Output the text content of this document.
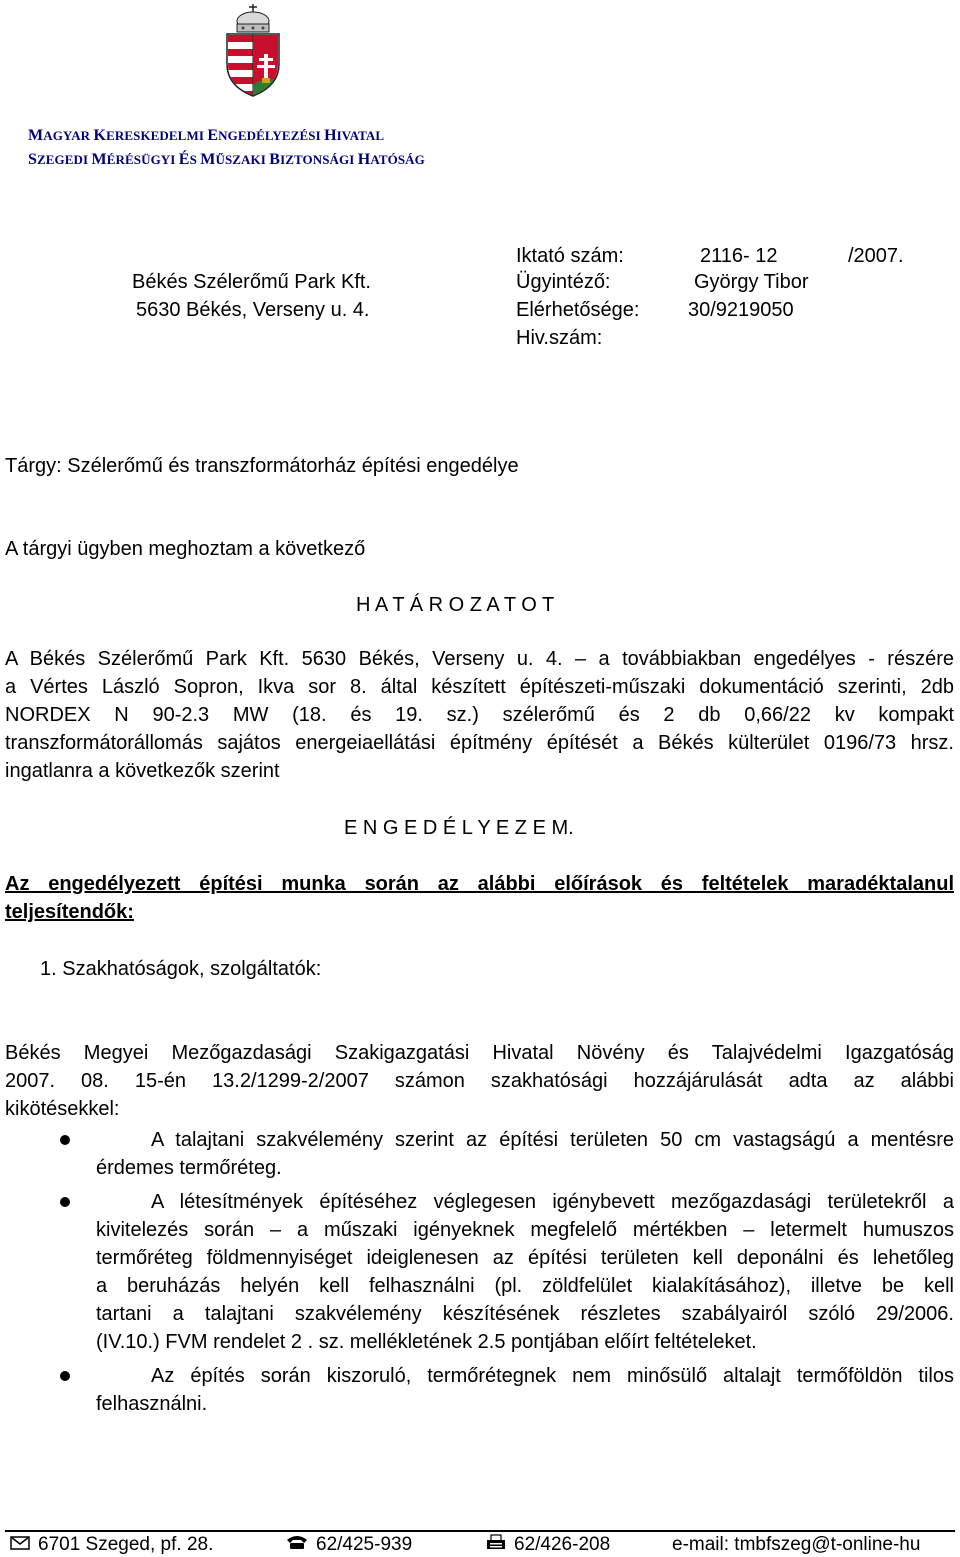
MAGYAR KERESKEDELMI ENGEDÉLYEZÉSI HIVATAL
SZEGEDI MÉRÉSÜGYI ÉS MŰSZAKI BIZTONSÁGI HATÓSÁG
Békés Szélerőmű Park Kft.
5630 Békés, Verseny u. 4.
Iktató szám:	2116- 12	/2007.
Ügyintéző:	György Tibor
Elérhetősége: 30/9219050
Hiv.szám:
Tárgy: Szélerőmű és transzformátorház építési engedélye
A tárgyi ügyben meghoztam a következő
H A T Á R O Z A T O T
A Békés Szélerőmű Park Kft. 5630 Békés, Verseny u. 4. – a továbbiakban engedélyes - részére
a Vértes László Sopron, Ikva sor 8. által készített építészeti-műszaki dokumentáció szerinti, 2db
NORDEX N 90-2.3 MW (18. és 19. sz.) szélerőmű és 2 db 0,66/22 kv kompakt
transzformátorállomás sajátos energeiaellátási építmény építését a Békés külterület 0196/73 hrsz.
ingatlanra a következők szerint
E N G E D É L Y E Z E M.
Az engedélyezett építési munka során az alábbi előírások és feltételek maradéktalanul
teljesítendők:
1. Szakhatóságok, szolgáltatók:
Békés Megyei Mezőgazdasági Szakigazgatási Hivatal Növény és Talajvédelmi Igazgatóság
2007. 08. 15-én 13.2/1299-2/2007 számon szakhatósági hozzájárulását adta az alábbi
kikötésekkel:
A talajtani szakvélemény szerint az építési területen 50 cm vastagságú a mentésre
érdemes termőréteg.
A létesítmények építéséhez véglegesen igénybevett mezőgazdasági területekről a
kivitelezés során – a műszaki igényeknek megfelelő mértékben – letermelt humuszos
termőréteg földmennyiséget ideiglenesen az építési területen kell deponálni és lehetőleg
a beruházás helyén kell felhasználni (pl. zöldfelület kialakításához), illetve be kell
tartani a talajtani szakvélemény készítésének részletes szabályairól szóló 29/2006.
(IV.10.) FVM rendelet 2 . sz. mellékletének 2.5 pontjában előírt feltételeket.
Az építés során kiszoruló, termőrétegnek nem minősülő altalajt termőföldön tilos
felhasználni.
6701 Szeged, pf. 28.	62/425-939	62/426-208	e-mail: tmbfszeg@t-online-hu
